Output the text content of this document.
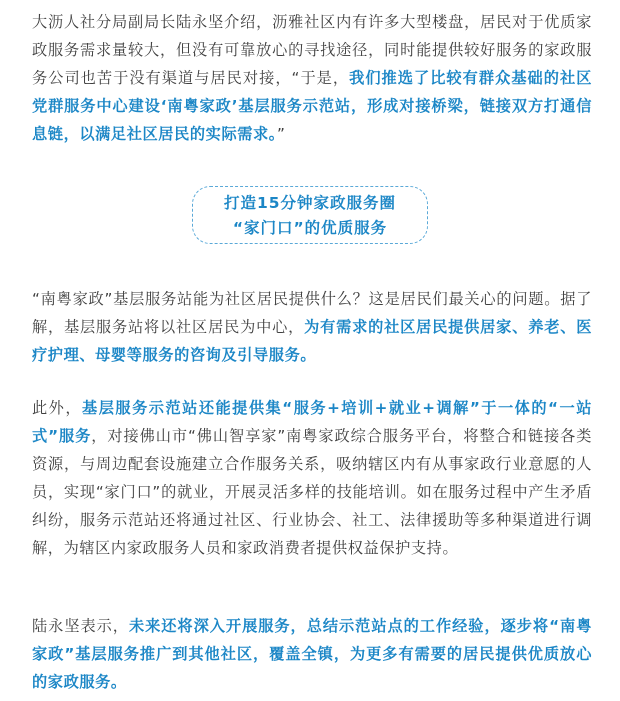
大沥人社分局副局长陆永坚介绍，沥雅社区内有许多大型楼盘，居民对于优质家政服务需求量较大，但没有可靠放心的寻找途径，同时能提供较好服务的家政服务公司也苦于没有渠道与居民对接，“于是，我们推选了比较有群众基础的社区党群服务中心建设‘南粤家政’基层服务示范站，形成对接桥梁，链接双方打通信息链，以满足社区居民的实际需求。”

打造15分钟家政服务圈
“家门口”的优质服务

“南粤家政”基层服务站能为社区居民提供什么？这是居民们最关心的问题。据了解，基层服务站将以社区居民为中心，为有需求的社区居民提供居家、养老、医疗护理、母婴等服务的咨询及引导服务。

此外，基层服务示范站还能提供集“服务+培训+就业+调解”于一体的“一站式”服务，对接佛山市“佛山智享家”南粤家政综合服务平台，将整合和链接各类资源，与周边配套设施建立合作服务关系，吸纳辖区内有从事家政行业意愿的人员，实现“家门口”的就业，开展灵活多样的技能培训。如在服务过程中产生矛盾纠纷，服务示范站还将通过社区、行业协会、社工、法律援助等多种渠道进行调解，为辖区内家政服务人员和家政消费者提供权益保护支持。

陆永坚表示，未来还将深入开展服务，总结示范站点的工作经验，逐步将“南粤家政”基层服务推广到其他社区，覆盖全镇，为更多有需要的居民提供优质放心的家政服务。
